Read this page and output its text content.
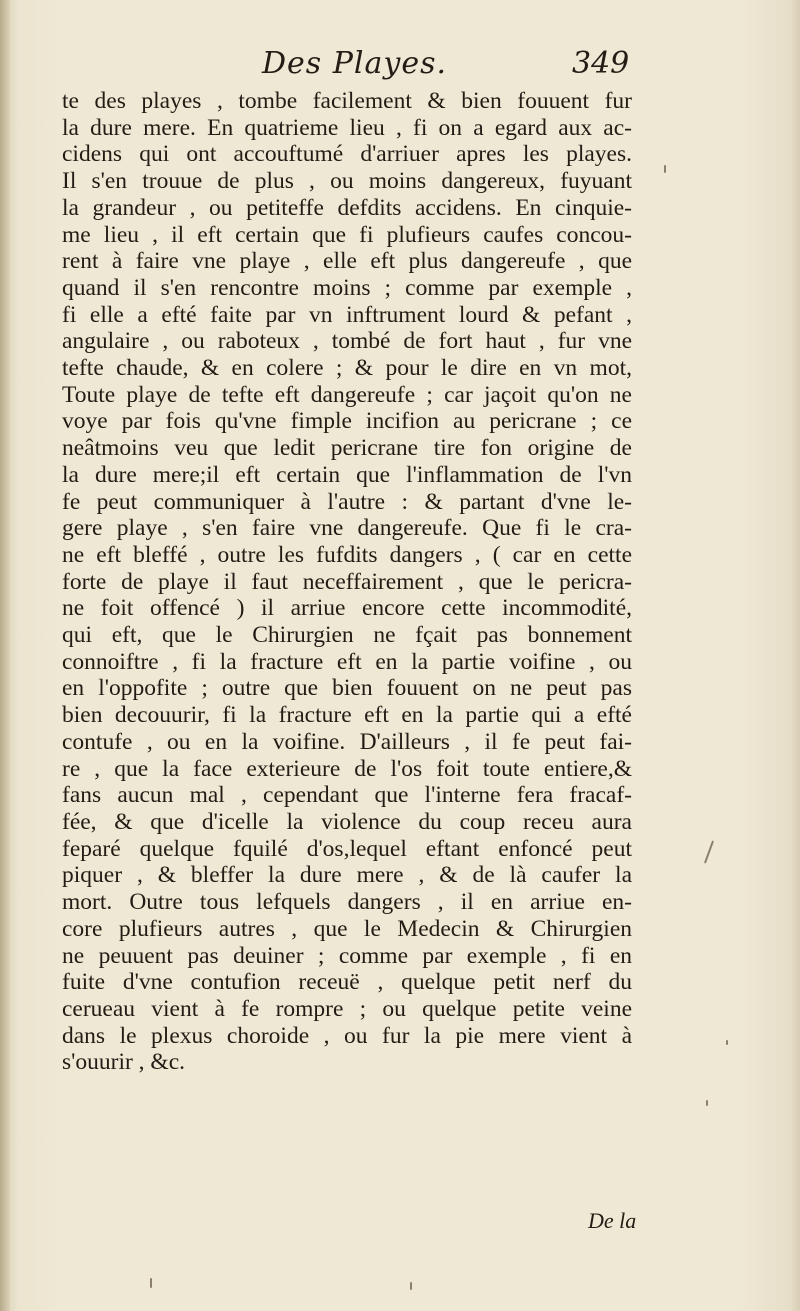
Des Playes.	349
te des playes , tombe facilement & bien fouuent fur
la dure mere. En quatrieme lieu , fi on a egard aux ac-
cidens qui ont accouftumé d'arriuer apres les playes.
Il s'en trouue de plus , ou moins dangereux, fuyuant
la grandeur , ou petiteffe defdits accidens. En cinquie-
me lieu , il eft certain que fi plufieurs caufes concou-
rent à faire vne playe , elle eft plus dangereufe , que
quand il s'en rencontre moins ; comme par exemple ,
fi elle a efté faite par vn inftrument lourd & pefant ,
angulaire , ou raboteux , tombé de fort haut , fur vne
tefte chaude, & en colere ; & pour le dire en vn mot,
Toute playe de tefte eft dangereufe ; car jaçoit qu'on ne
voye par fois qu'vne fimple incifion au pericrane ; ce
neâtmoins veu que ledit pericrane tire fon origine de
la dure mere;il eft certain que l'inflammation de l'vn
fe peut communiquer à l'autre : & partant d'vne le-
gere playe , s'en faire vne dangereufe. Que fi le cra-
ne eft bleffé , outre les fufdits dangers , ( car en cette
forte de playe il faut neceffairement , que le pericra-
ne foit offencé ) il arriue encore cette incommodité,
qui eft, que le Chirurgien ne fçait pas bonnement
connoiftre , fi la fracture eft en la partie voifine , ou
en l'oppofite ; outre que bien fouuent on ne peut pas
bien decouurir, fi la fracture eft en la partie qui a efté
contufe , ou en la voifine. D'ailleurs , il fe peut fai-
re , que la face exterieure de l'os foit toute entiere,&
fans aucun mal , cependant que l'interne fera fracaf-
fée, & que d'icelle la violence du coup receu aura
feparé quelque fquilé d'os,lequel eftant enfoncé peut
piquer , & bleffer la dure mere , & de là caufer la
mort. Outre tous lefquels dangers , il en arriue en-
core plufieurs autres , que le Medecin & Chirurgien
ne peuuent pas deuiner ; comme par exemple , fi en
fuite d'vne contufion receuë , quelque petit nerf du
cerueau vient à fe rompre ; ou quelque petite veine
dans le plexus choroide , ou fur la pie mere vient à
s'ouurir , &c.
De la
